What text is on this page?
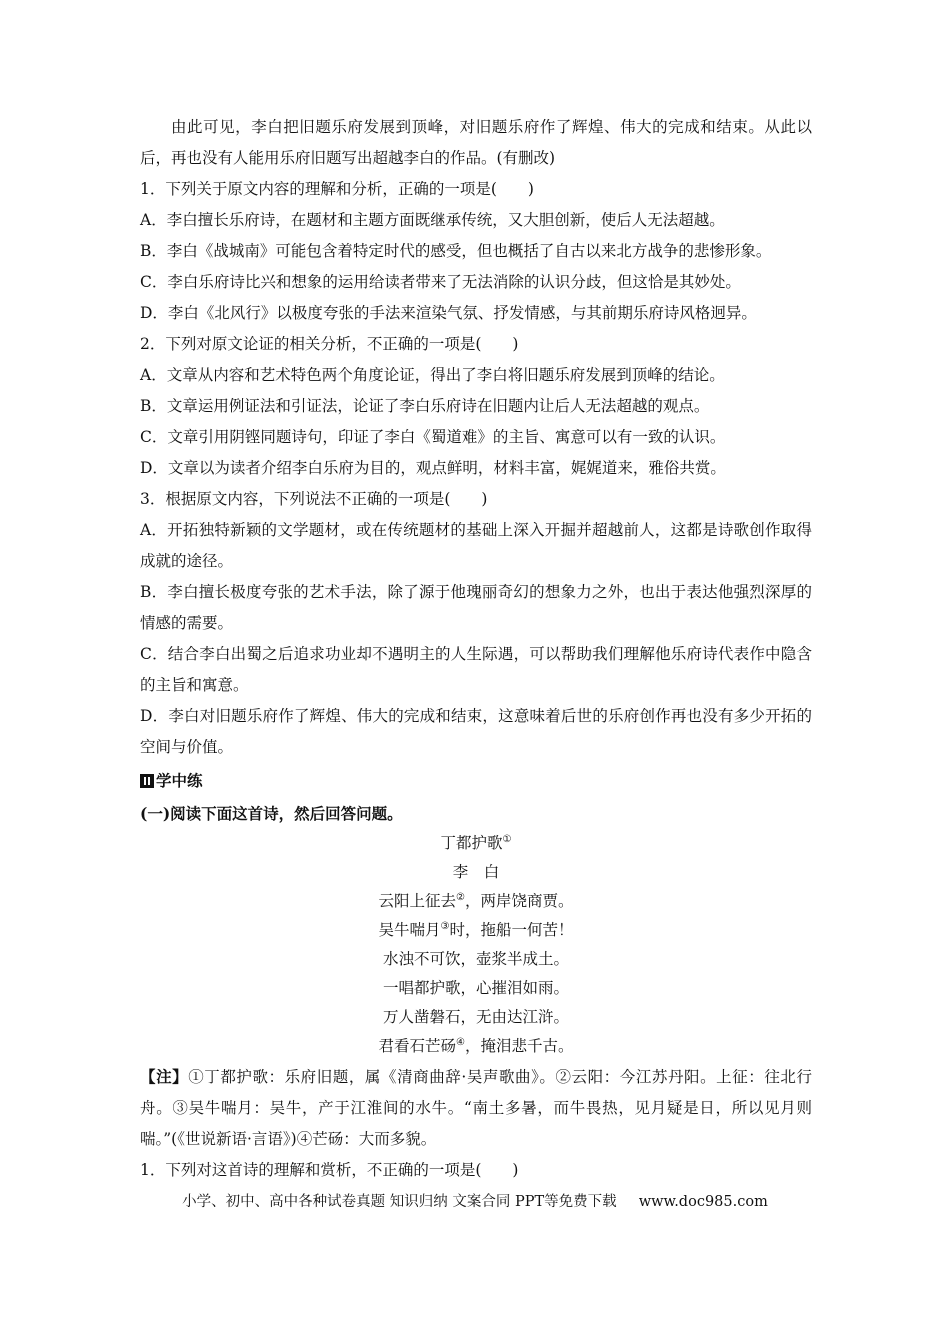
由此可见，李白把旧题乐府发展到顶峰，对旧题乐府作了辉煌、伟大的完成和结束。从此以后，再也没有人能用乐府旧题写出超越李白的作品。(有删改)

1．下列关于原文内容的理解和分析，正确的一项是(　　)

A．李白擅长乐府诗，在题材和主题方面既继承传统，又大胆创新，使后人无法超越。

B．李白《战城南》可能包含着特定时代的感受，但也概括了自古以来北方战争的悲惨形象。

C．李白乐府诗比兴和想象的运用给读者带来了无法消除的认识分歧，但这恰是其妙处。

D．李白《北风行》以极度夸张的手法来渲染气氛、抒发情感，与其前期乐府诗风格迥异。

2．下列对原文论证的相关分析，不正确的一项是(　　)

A．文章从内容和艺术特色两个角度论证，得出了李白将旧题乐府发展到顶峰的结论。

B．文章运用例证法和引证法，论证了李白乐府诗在旧题内让后人无法超越的观点。

C．文章引用阴铿同题诗句，印证了李白《蜀道难》的主旨、寓意可以有一致的认识。

D．文章以为读者介绍李白乐府为目的，观点鲜明，材料丰富，娓娓道来，雅俗共赏。

3．根据原文内容，下列说法不正确的一项是(　　)

A．开拓独特新颖的文学题材，或在传统题材的基础上深入开掘并超越前人，这都是诗歌创作取得成就的途径。

B．李白擅长极度夸张的艺术手法，除了源于他瑰丽奇幻的想象力之外，也出于表达他强烈深厚的情感的需要。

C．结合李白出蜀之后追求功业却不遇明主的人生际遇，可以帮助我们理解他乐府诗代表作中隐含的主旨和寓意。

D．李白对旧题乐府作了辉煌、伟大的完成和结束，这意味着后世的乐府创作再也没有多少开拓的空间与价值。

学中练

(一)阅读下面这首诗，然后回答问题。

丁都护歌①
李　白
云阳上征去②，两岸饶商贾。
吴牛喘月③时，拖船一何苦！
水浊不可饮，壶浆半成土。
一唱都护歌，心摧泪如雨。
万人凿磐石，无由达江浒。
君看石芒砀④，掩泪悲千古。

【注】①丁都护歌：乐府旧题，属《清商曲辞·吴声歌曲》。②云阳：今江苏丹阳。上征：往北行舟。③吴牛喘月：吴牛，产于江淮间的水牛。“南土多暑，而牛畏热，见月疑是日，所以见月则喘。”(《世说新语·言语》)④芒砀：大而多貌。

1．下列对这首诗的理解和赏析，不正确的一项是(　　)

小学、初中、高中各种试卷真题 知识归纳 文案合同 PPT等免费下载 www.doc985.com
